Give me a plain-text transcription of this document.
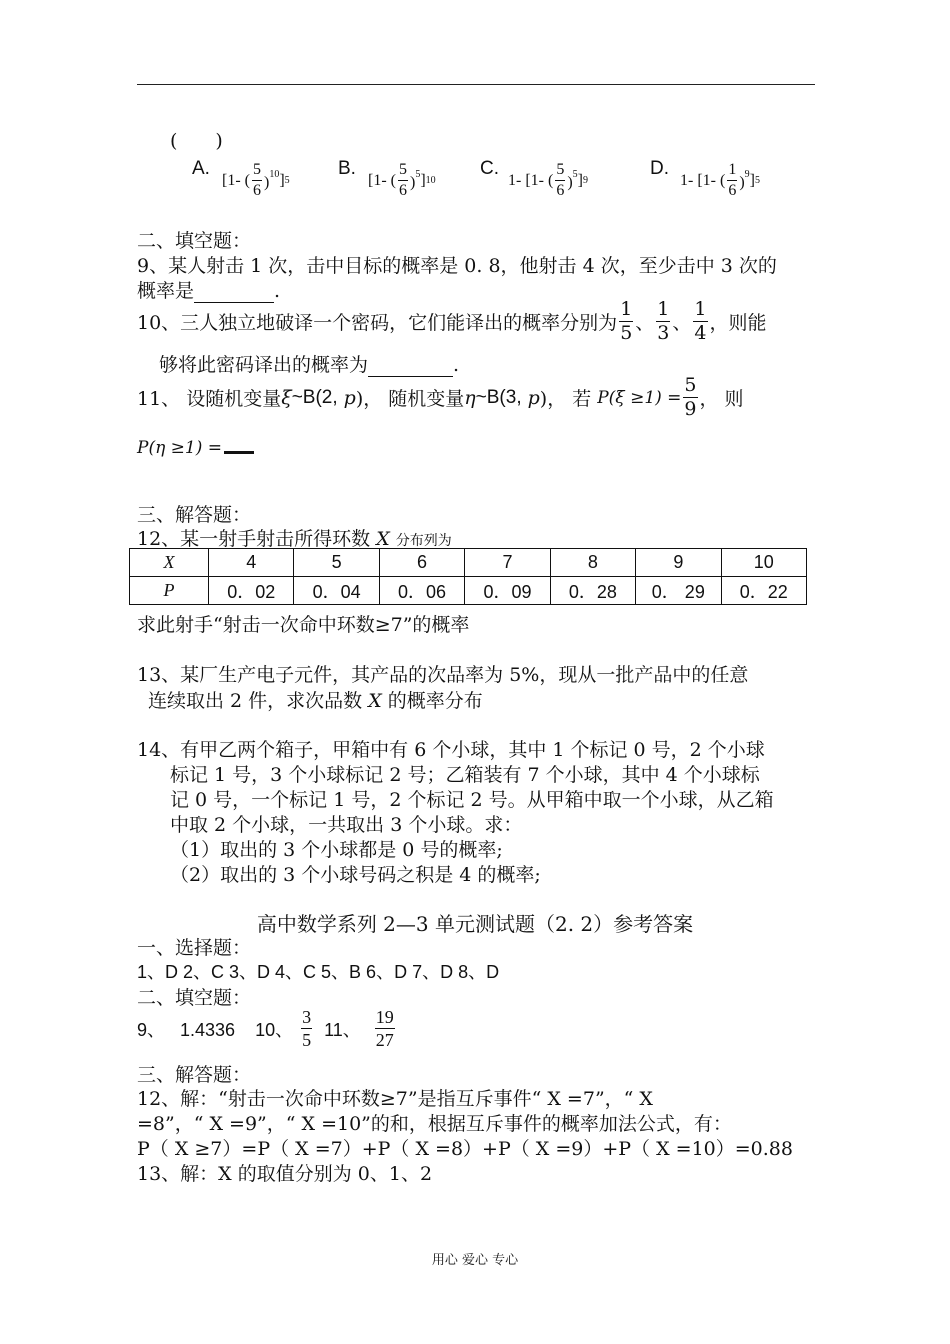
(　　)
A.
[1- ( $\frac{5}{6} )^{10}$ ] 5
B.
[1- ( $\frac{5}{6} )^5$ ] 10
C.
1- [1- ( $\frac{5}{6} )^5$ ] 9
D.
1- [1- ( $\frac{1}{6} )^9$ ] 5
二、填空题：
9、某人射击 1 次，击中目标的概率是 0. 8，他射击 4 次，至少击中 3 次的
概率是	.
10、三人独立地破译一个密码，它们能译出的概率分别为 $\frac{1}{5}$ 、 $\frac{1}{3}$ 、 $\frac{1}{4}$ ，则能
够将此密码译出的概率为	.
11、 设随机变量 ξ ~B(2, p )， 随机变量 η ~B(3, p )， 若 $P(\xi \ge 1) = \frac{5}{9}$ ， 则
P(η ≥1) =
三、解答题：
12、某一射手射击所得环数 X 分布列为
X	4	5	6	7	8	9	10
P	0．02	0．04	0．06	0．09	0．28	0． 29	0．22
求此射手“射击一次命中环数≥7”的概率
13、某厂生产电子元件，其产品的次品率为 5%，现从一批产品中的任意
连续取出 2 件，求次品数 X 的概率分布
14、有甲乙两个箱子，甲箱中有 6 个小球，其中 1 个标记 0 号，2 个小球
标记 1 号，3 个小球标记 2 号；乙箱装有 7 个小球，其中 4 个小球标
记 0 号，一个标记 1 号，2 个标记 2 号。从甲箱中取一个小球，从乙箱
中取 2 个小球，一共取出 3 个小球。求：
（1）取出的 3 个小球都是 0 号的概率;
（2）取出的 3 个小球号码之积是 4 的概率;
高中数学系列 2—3 单元测试题（2. 2）参考答案
一、选择题：
1、D 2、C 3、D 4、C 5、B 6、D 7、D 8、D
二、填空题：
9、   1.4336    10、 $\frac{3}{5} 11$、 $\frac{19}{27}$
三、解答题：
12、解：“射击一次命中环数≥7”是指互斥事件“ X =7”，“ X
=8”，“ X =9”，“ X =10”的和，根据互斥事件的概率加法公式，有：
P（ X ≥7）=P（ X =7）+P（ X =8）+P（ X =9）+P（ X =10）=0.88
13、解：X 的取值分别为 0、1、2
用心 爱心 专心
